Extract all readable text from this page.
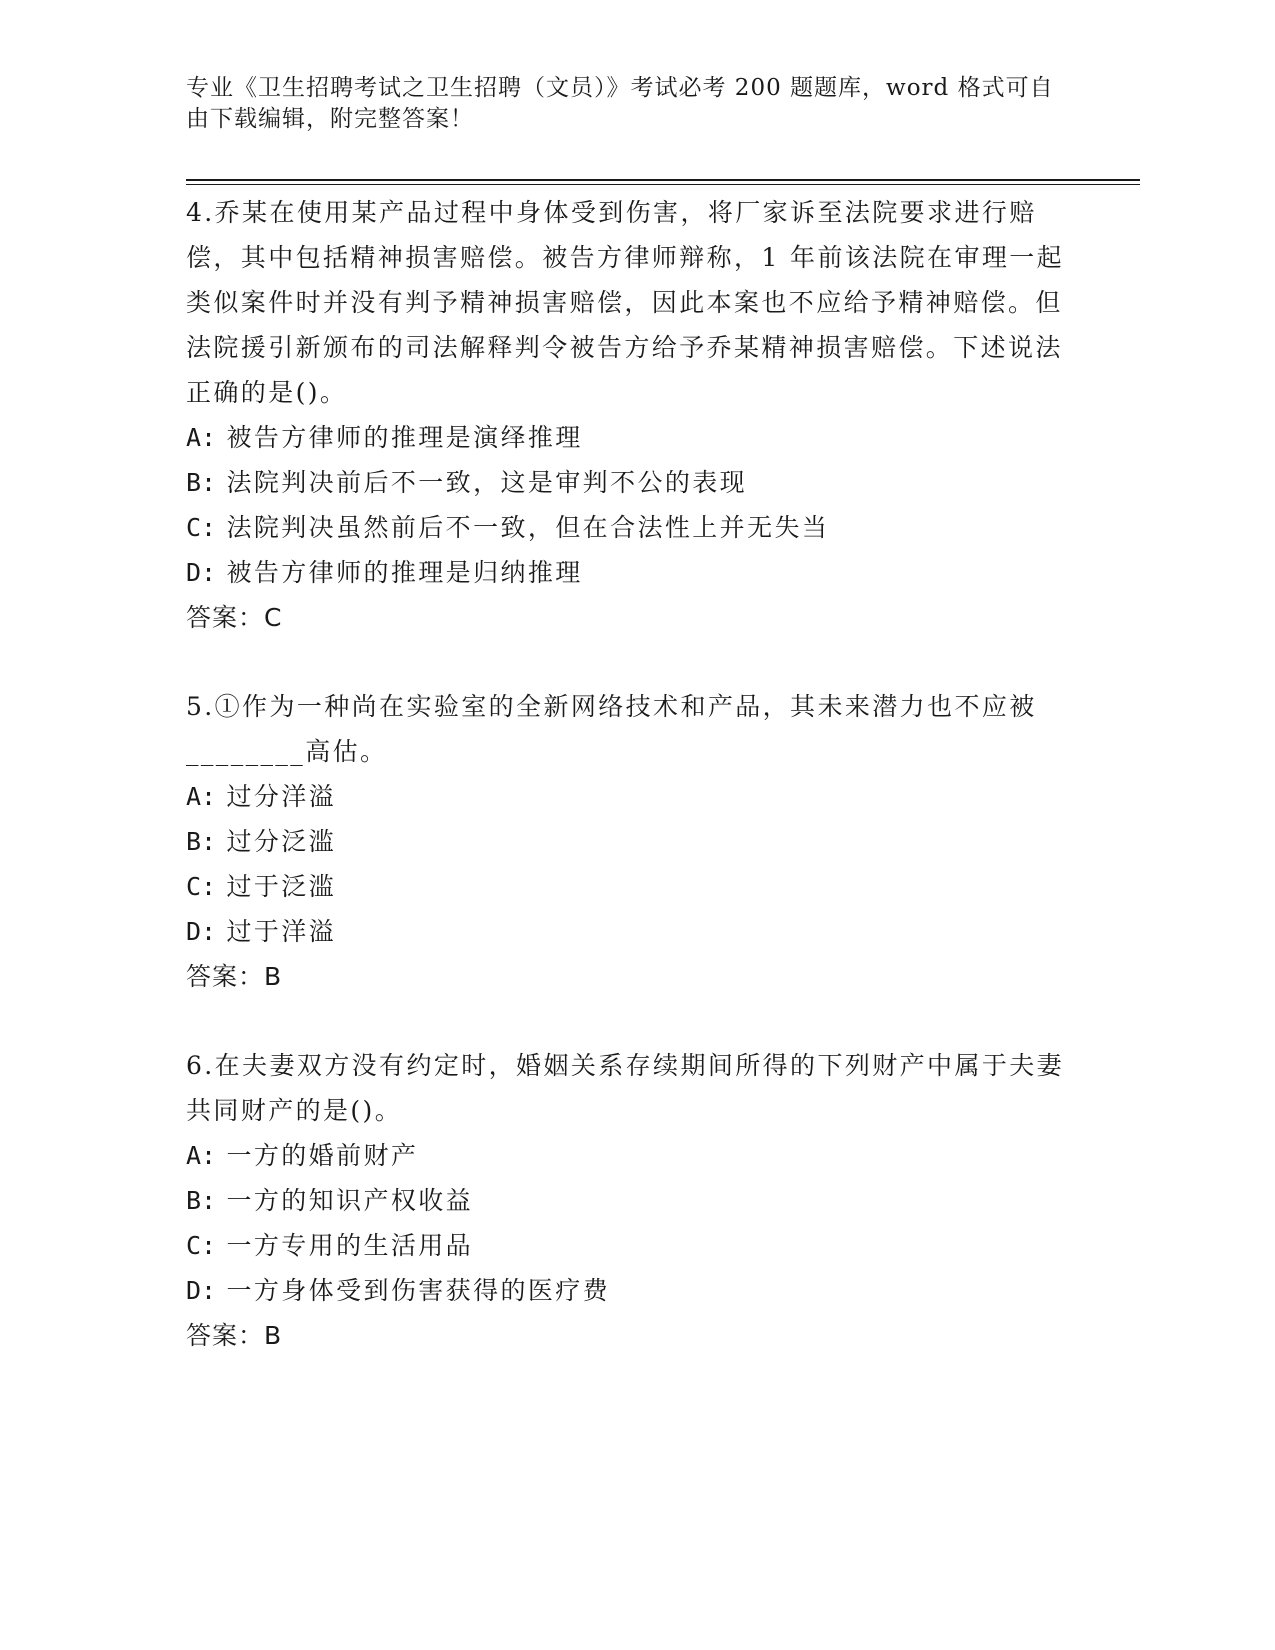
专业《卫生招聘考试之卫生招聘（文员）》考试必考 200 题题库，word 格式可自由下载编辑，附完整答案！
4.乔某在使用某产品过程中身体受到伤害，将厂家诉至法院要求进行赔偿，其中包括精神损害赔偿。被告方律师辩称，1 年前该法院在审理一起类似案件时并没有判予精神损害赔偿，因此本案也不应给予精神赔偿。但法院援引新颁布的司法解释判令被告方给予乔某精神损害赔偿。下述说法正确的是()。
A: 被告方律师的推理是演绎推理
B: 法院判决前后不一致，这是审判不公的表现
C: 法院判决虽然前后不一致，但在合法性上并无失当
D: 被告方律师的推理是归纳推理
答案：C
5.①作为一种尚在实验室的全新网络技术和产品，其未来潜力也不应被________高估。
A: 过分洋溢
B: 过分泛滥
C: 过于泛滥
D: 过于洋溢
答案：B
6.在夫妻双方没有约定时，婚姻关系存续期间所得的下列财产中属于夫妻共同财产的是()。
A: 一方的婚前财产
B: 一方的知识产权收益
C: 一方专用的生活用品
D: 一方身体受到伤害获得的医疗费
答案：B
